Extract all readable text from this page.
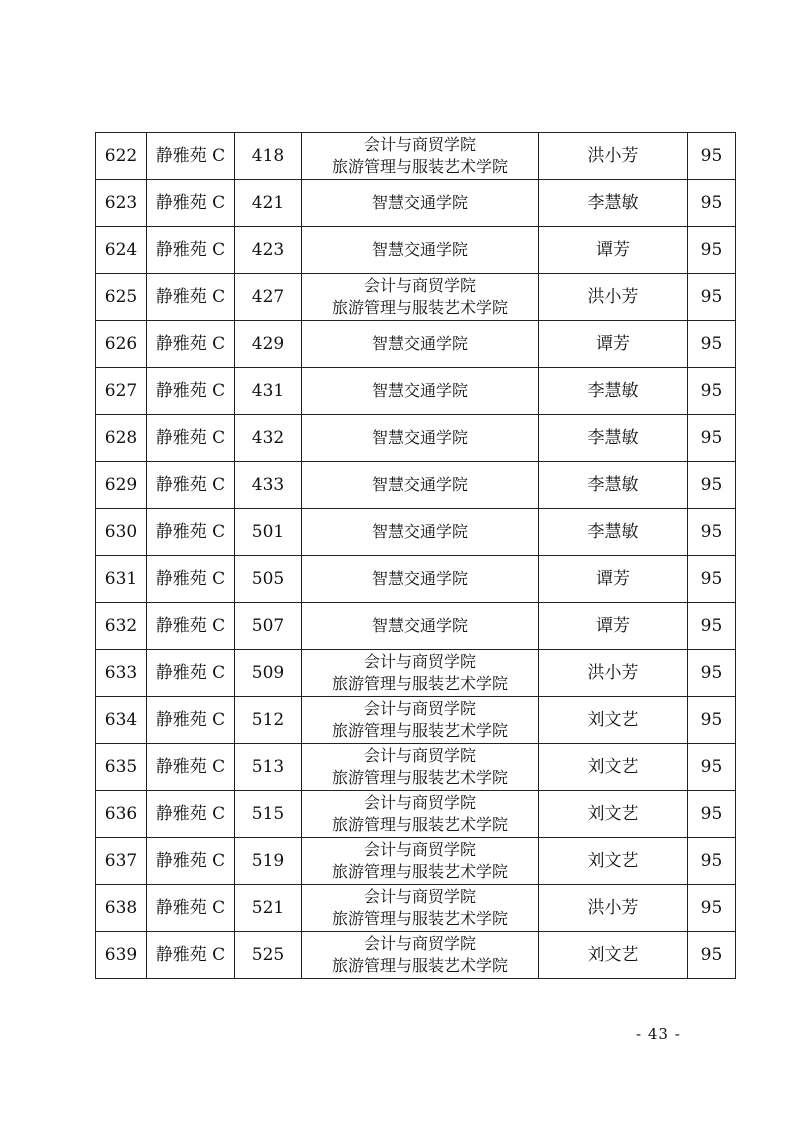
622	静雅苑 C	418	会计与商贸学院
旅游管理与服装艺术学院	洪小芳	95
623	静雅苑 C	421	智慧交通学院	李慧敏	95
624	静雅苑 C	423	智慧交通学院	谭芳	95
625	静雅苑 C	427	会计与商贸学院
旅游管理与服装艺术学院	洪小芳	95
626	静雅苑 C	429	智慧交通学院	谭芳	95
627	静雅苑 C	431	智慧交通学院	李慧敏	95
628	静雅苑 C	432	智慧交通学院	李慧敏	95
629	静雅苑 C	433	智慧交通学院	李慧敏	95
630	静雅苑 C	501	智慧交通学院	李慧敏	95
631	静雅苑 C	505	智慧交通学院	谭芳	95
632	静雅苑 C	507	智慧交通学院	谭芳	95
633	静雅苑 C	509	会计与商贸学院
旅游管理与服装艺术学院	洪小芳	95
634	静雅苑 C	512	会计与商贸学院
旅游管理与服装艺术学院	刘文艺	95
635	静雅苑 C	513	会计与商贸学院
旅游管理与服装艺术学院	刘文艺	95
636	静雅苑 C	515	会计与商贸学院
旅游管理与服装艺术学院	刘文艺	95
637	静雅苑 C	519	会计与商贸学院
旅游管理与服装艺术学院	刘文艺	95
638	静雅苑 C	521	会计与商贸学院
旅游管理与服装艺术学院	洪小芳	95
639	静雅苑 C	525	会计与商贸学院
旅游管理与服装艺术学院	刘文艺	95
- 43 -
